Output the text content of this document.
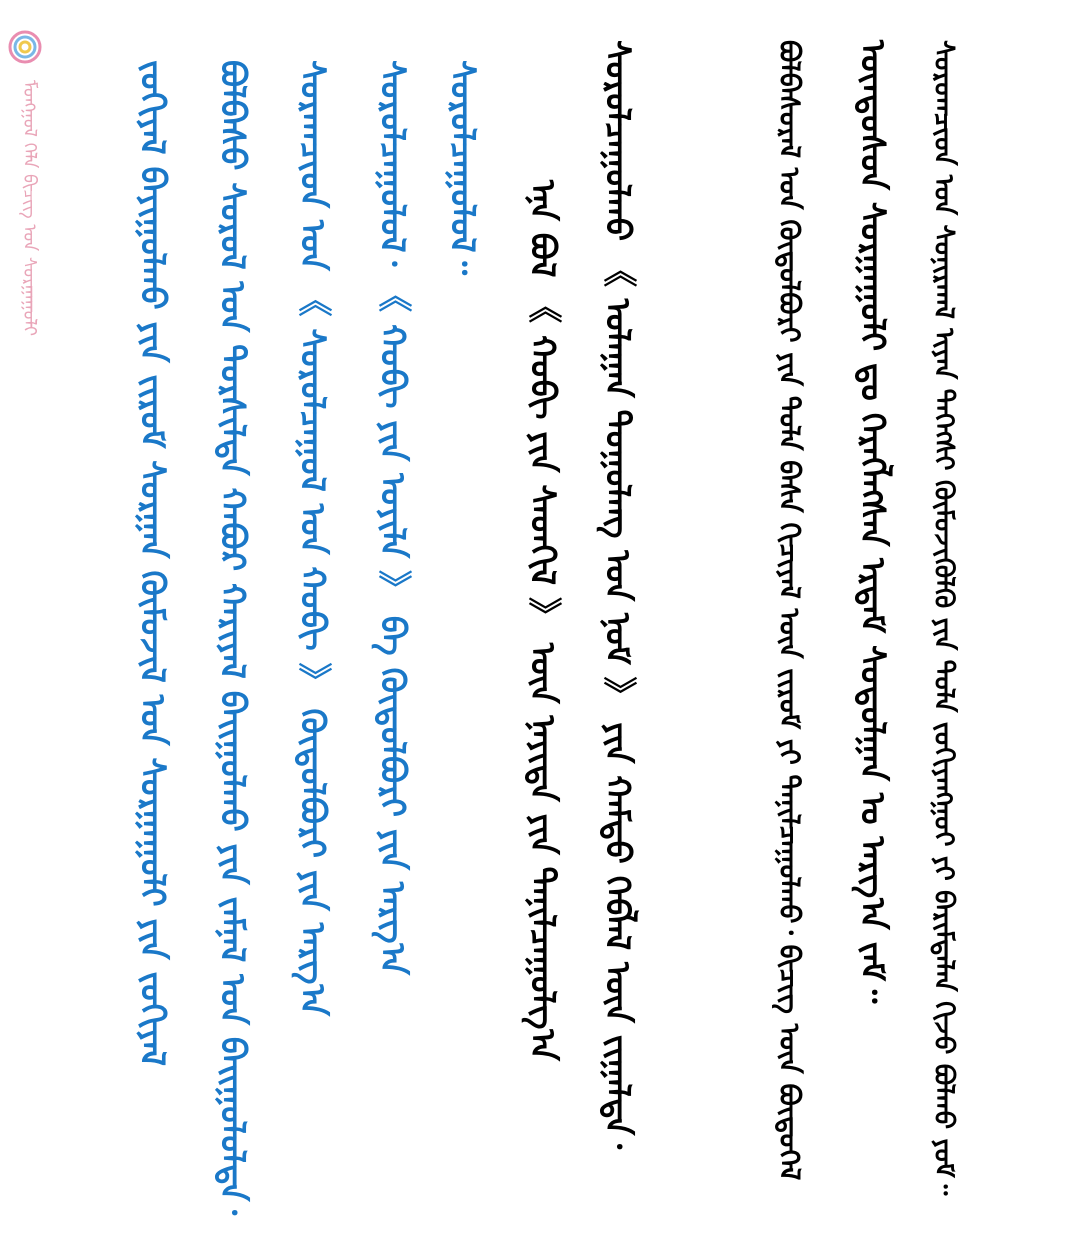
ᠮᠣᠩᠭᠣᠯ ᠬᠡᠯᠡ ᠪᠢᠴᠢᠭ ᠤᠨ ᠰᠤᠷᠭᠠᠭᠤᠯᠢ	ᠰᠤᠷᠤᠭᠴᠢᠳ ᠤᠨ ᠰᠣᠨᠢᠷᠬᠠᠯ ᠢᠶᠠᠨ ᠳᠡᠭᠡᠭᠰᠢ ᠬᠦᠮᠦᠵᠢᠭᠦᠯᠬᠦ ᠶᠢᠨ ᠲᠤᠯᠠ ᠵᠣᠬᠢᠶᠠᠩᠭᠤᠢ ᠶᠢ ᠪᠠᠷᠢᠮᠲᠠᠯᠠᠨ ᠬᠢᠵᠦ ᠪᠣᠯᠬᠤ ᠶᠤᠮ᠃
ᠦᠨᠳᠦᠰᠦᠨ ᠰᠤᠷᠭᠠᠭᠤᠯᠢ ᠳᠤ ᠬᠡᠷᠡᠭᠯᠡᠭᠰᠡᠨ ᠡᠷᠳᠡᠮ ᠰᠤᠳᠤᠯᠭᠠᠨ ᠤ ᠠᠷᠭ᠎ᠠ ᠵᠠᠮ᠃
ᠪᠣᠯᠪᠠᠰᠤᠷᠠᠯ ᠤᠨ ᠬᠥᠲᠥᠯᠪᠦᠷᠢ ᠶᠢᠨ ᠲᠤᠯᠠ ᠪᠠᠰᠠ ᠬᠢᠴᠢᠶᠡᠯ ᠦᠨ ᠵᠢᠷᠤᠮ ᠶᠢ ᠲᠠᠨᠢᠯᠴᠠᠭᠤᠯᠬᠤ᠂ ᠪᠢᠴᠢᠭ ᠦᠨ ᠪᠦᠲᠦᠭᠡᠯ
ᠰᠤᠷᠤᠯᠴᠠᠭᠤᠯᠬᠤ 《 ᠤᠯᠠᠭᠠᠨ ᠳᠤᠭᠤᠯᠠᠩ ᠤᠨ ᠨᠣᠮ 》 ᠶᠢᠨ ᠬᠠᠮᠲᠤ ᠬᠡᠪᠯᠡᠯ ᠦᠨ ᠵᠢᠭᠠᠯᠲᠠ᠂
ᠡᠨᠡ ᠪᠣᠯ 《 ᠬᠣᠪᠢ ᠶᠢᠨ ᠰᠡᠳᠬᠢᠯ 》 ᠦᠨ ᠨᠡᠶᠢᠲᠡ ᠶᠢᠨ ᠲᠠᠨᠢᠯᠴᠠᠭᠤᠯᠭ᠎ᠠ
ᠰᠤᠷᠤᠯᠴᠠᠭᠤᠯᠤᠯ᠃
ᠰᠤᠷᠤᠯᠴᠠᠭᠤᠯᠤᠯ᠂ 《 ᠬᠣᠪᠢ ᠶᠢᠨ ᠤᠶᠢᠯᠡ 》 ᠪᠠ ᠬᠥᠲᠥᠯᠪᠦᠷᠢ ᠶᠢᠨ ᠠᠷᠭ᠎ᠠ
ᠰᠤᠷᠠᠭᠴᠢᠳ ᠤᠨ 《 ᠰᠤᠷᠤᠯᠴᠠᠭᠤᠯ ᠤᠨ ᠬᠣᠪᠢ 》 ᠬᠥᠲᠥᠯᠪᠦᠷᠢ ᠶᠢᠨ ᠠᠷᠭ᠎ᠠ
ᠪᠣᠯᠪᠠᠰᠤ ᠰᠤᠷᠤᠯ ᠤᠨ ᠲᠤᠷᠰᠢᠯᠲᠠ ᠬᠠᠪᠤᠷ ᠬᠠᠷᠢᠶᠠᠯ ᠪᠠᠢᠭᠤᠯᠬᠤ ᠶᠢᠨ ᠵᠠᠮᠨᠠᠯ ᠤᠨ ᠪᠠᠢᠭᠤᠯᠤᠯᠲᠠ᠂
ᠵᠣᠬᠢᠶᠠᠯ ᠪᠠᠶᠢᠭᠤᠯᠬᠤ ᠶᠢᠨ ᠵᠢᠷᠤᠮ ᠰᠤᠷᠭᠠᠨ ᠬᠦᠮᠦᠵᠢᠯ ᠤᠨ ᠰᠤᠷᠭᠠᠭᠤᠯᠢ ᠶᠢᠨ ᠵᠣᠬᠢᠶᠠᠯ
